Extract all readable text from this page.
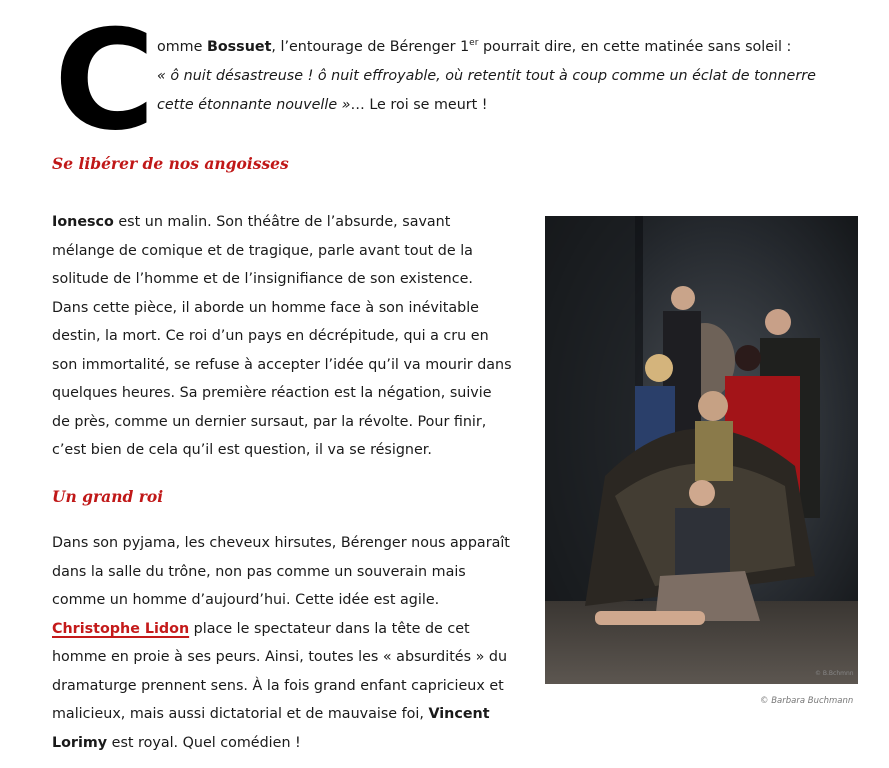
C omme Bossuet, l’entourage de Bérenger 1er pourrait dire, en cette matinée sans soleil :
« ô nuit désastreuse ! ô nuit effroyable, où retentit tout à coup comme un éclat de tonnerre cette étonnante nouvelle »… Le roi se meurt !
Se libérer de nos angoisses
Ionesco est un malin. Son théâtre de l’absurde, savant mélange de comique et de tragique, parle avant tout de la solitude de l’homme et de l’insignifiance de son existence. Dans cette pièce, il aborde un homme face à son inévitable destin, la mort. Ce roi d’un pays en décrépitude, qui a cru en son immortalité, se refuse à accepter l’idée qu’il va mourir dans quelques heures. Sa première réaction est la négation, suivie de près, comme un dernier sursaut, par la révolte. Pour finir, c’est bien de cela qu’il est question, il va se résigner.
Un grand roi
Dans son pyjama, les cheveux hirsutes, Bérenger nous apparaît dans la salle du trône, non pas comme un souverain mais comme un homme d’aujourd’hui. Cette idée est agile. Christophe Lidon place le spectateur dans la tête de cet homme en proie à ses peurs. Ainsi, toutes les « absurdités » du dramaturge prennent sens. À la fois grand enfant capricieux et malicieux, mais aussi dictatorial et de mauvaise foi, Vincent Lorimy est royal. Quel comédien !
© B.Bchmnn
© Barbara Buchmann
